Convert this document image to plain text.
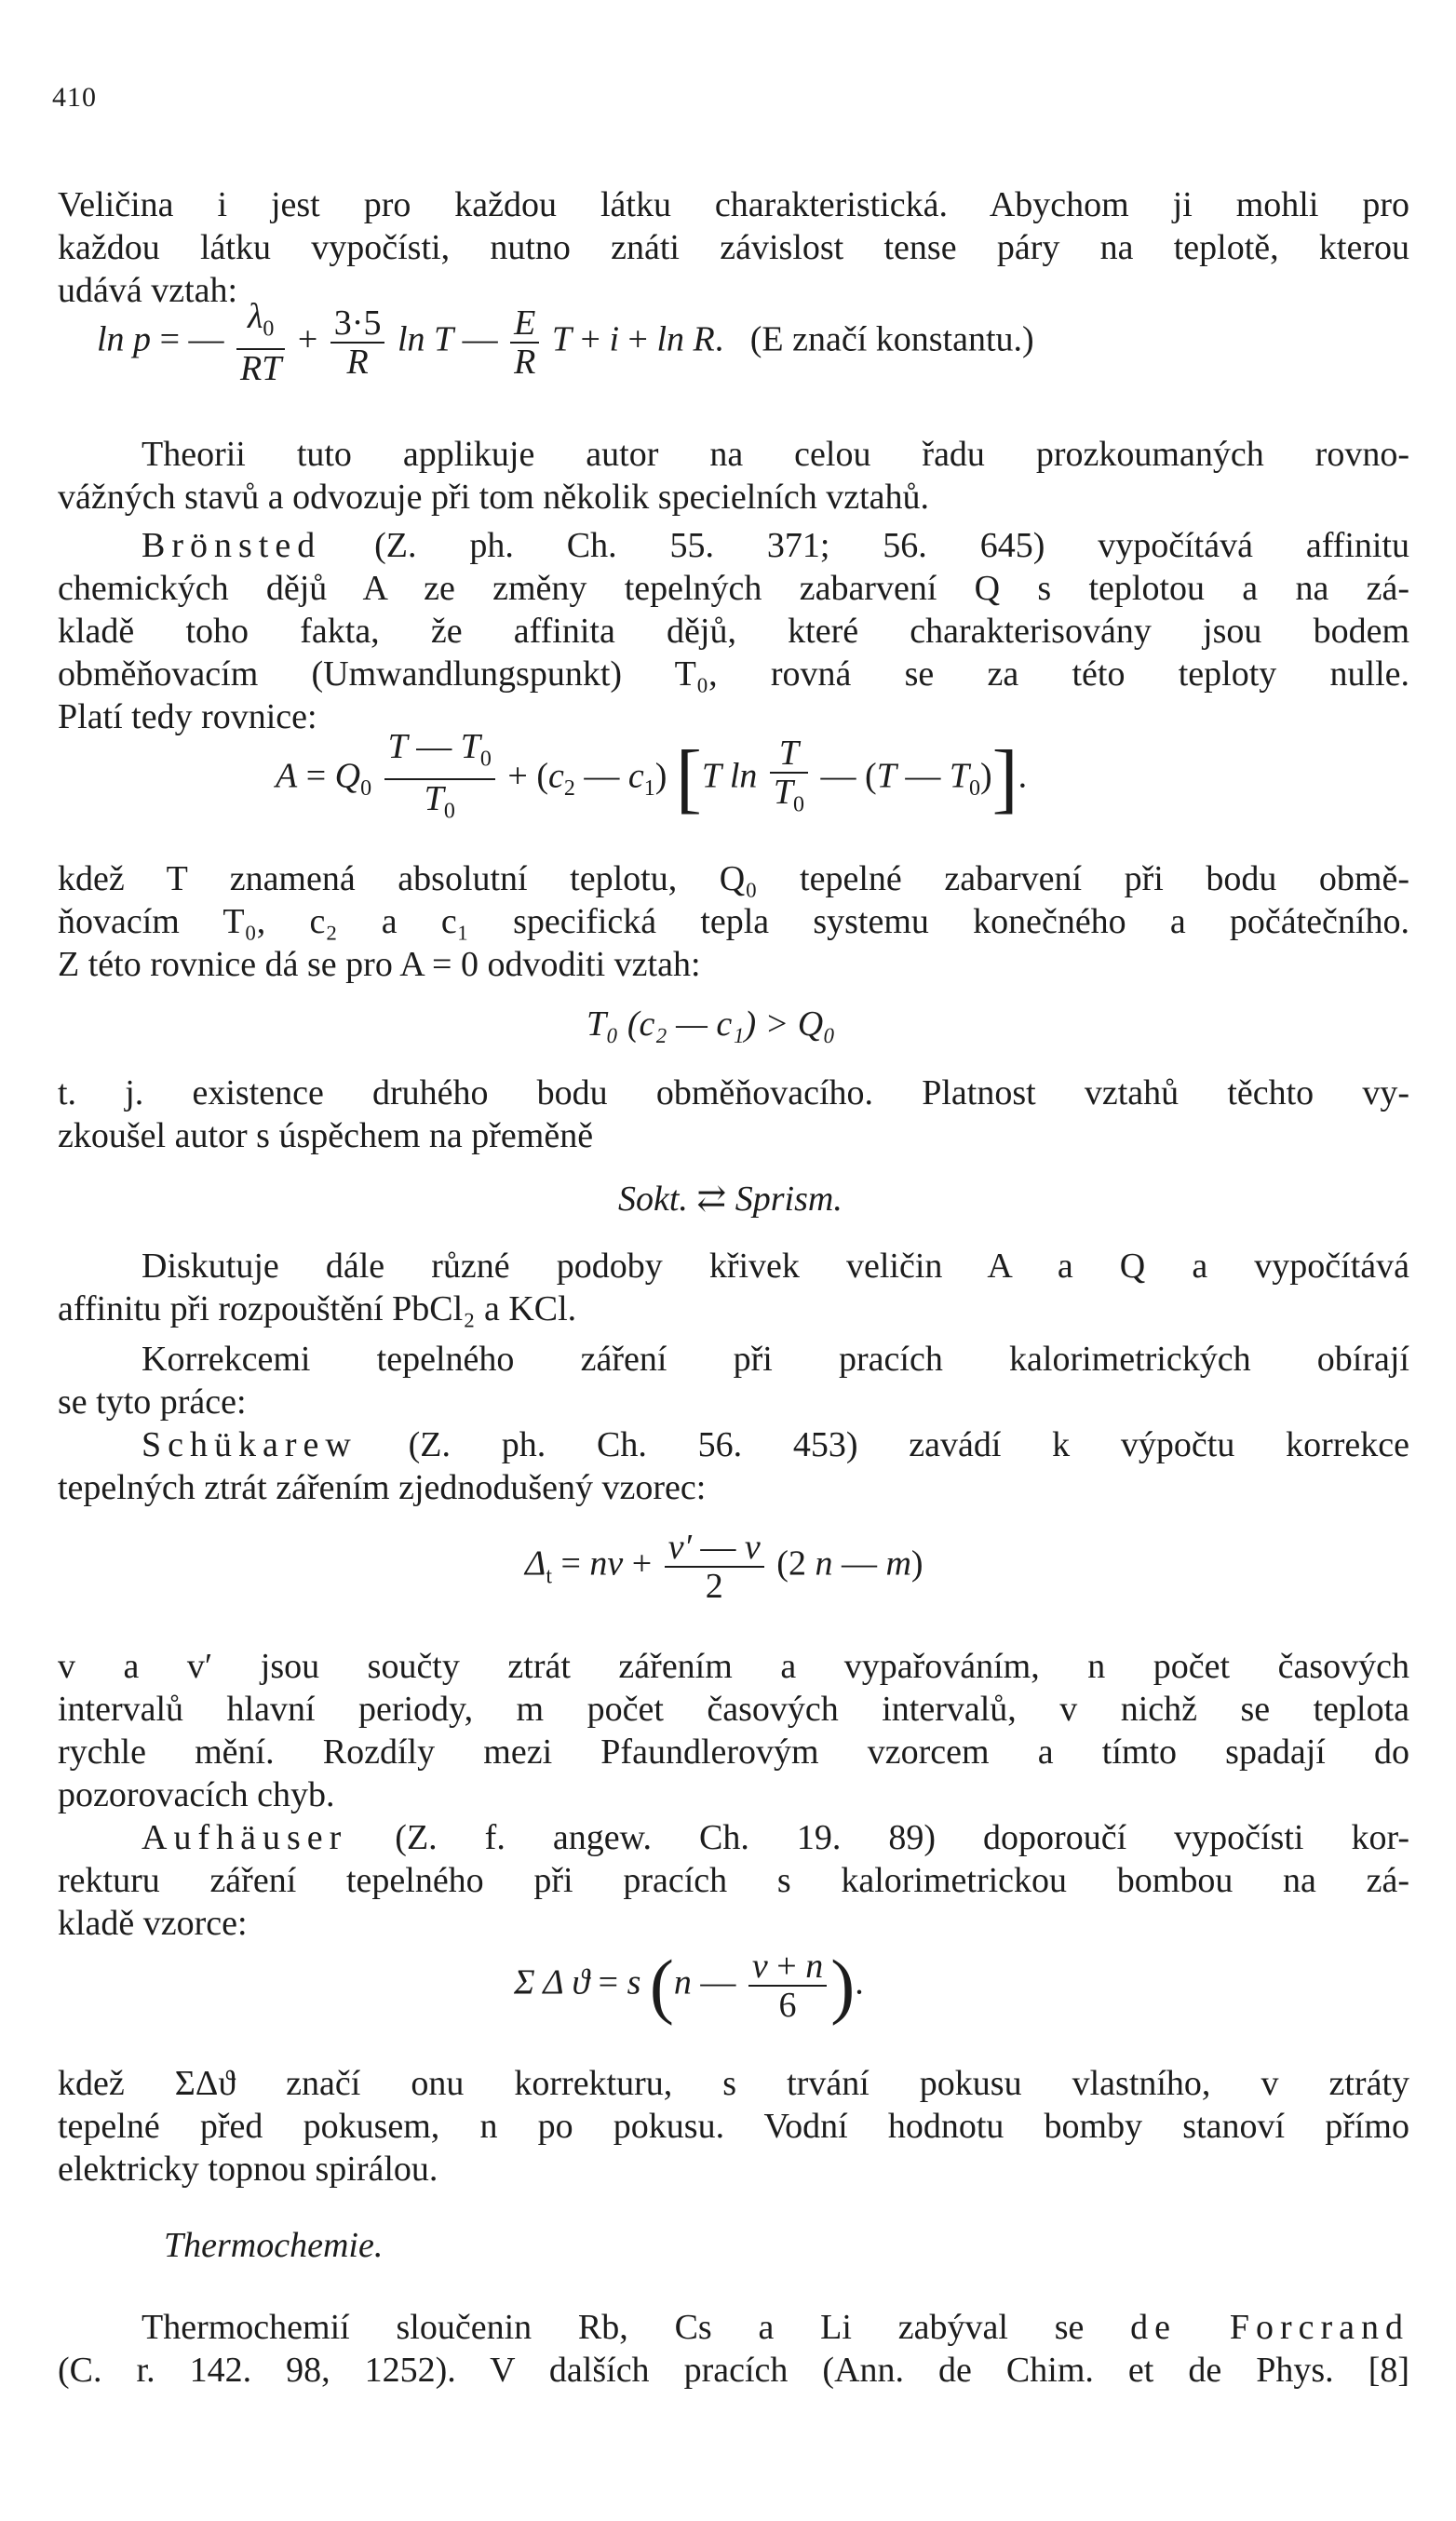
410
Veličina i jest pro každou látku charakteristická. Abychom ji mohli pro
každou látku vypočísti, nutno znáti závislost tense páry na teplotě, kterou
udává vztah:
ln p = — $\frac{\lambda_0}{RT} + \frac{3\cdot 5}{R}$ ln T — $\frac{E}{R}$ T + i + ln R.   (E značí konstantu.)
Theorii tuto applikuje autor na celou řadu prozkoumaných rovno-
vážných stavů a odvozuje při tom několik specielních vztahů.
Brönsted (Z. ph. Ch. 55. 371; 56. 645) vypočítává affinitu
chemických dějů A ze změny tepelných zabarvení Q s teplotou a na zá-
kladě toho fakta, že affinita dějů, které charakterisovány jsou bodem
obměňovacím (Umwandlungspunkt) T₀, rovná se za této teploty nulle.
Platí tedy rovnice:
$A = Q_0 \frac{T — T_0}{T_0} + (c_2$ — $c_1$) [T $\ln \frac{T}{T_0}$ — (T — $T_0$)].
kdež T znamená absolutní teplotu, Q₀ tepelné zabarvení při bodu obmě-
ňovacím T₀, c₂ a c₁ specifická tepla systemu konečného a počátečního.
Z této rovnice dá se pro A = 0 odvoditi vztah:
T₀ (c₂ — c₁) > Q₀
t. j. existence druhého bodu obměňovacího. Platnost vztahů těchto vy-
zkoušel autor s úspěchem na přeměně
Sokt. ⇄ Sprism.
Diskutuje dále různé podoby křivek veličin A a Q a vypočítává
affinitu při rozpouštění PbCl₂ a KCl.
Korrekcemi tepelného záření při pracích kalorimetrických obírají
se tyto práce:
Schükarew (Z. ph. Ch. 56. 453) zavádí k výpočtu korrekce
tepelných ztrát zářením zjednodušený vzorec:
$\Delta_t$ = nv + $\frac{v' — v}{2} (2$ n — m)
v a v′ jsou součty ztrát zářením a vypařováním, n počet časových
intervalů hlavní periody, m počet časových intervalů, v nichž se teplota
rychle mění. Rozdíly mezi Pfaundlerovým vzorcem a tímto spadají do
pozorovacích chyb.
Aufhäuser (Z. f. angew. Ch. 19. 89) doporoučí vypočísti kor-
rekturu záření tepelného při pracích s kalorimetrickou bombou na zá-
kladě vzorce:
Σ Δ ϑ = s (n — $\frac{v + n}{6}$ ).
kdež ΣΔϑ značí onu korrekturu, s trvání pokusu vlastního, v ztráty
tepelné před pokusem, n po pokusu. Vodní hodnotu bomby stanoví přímo
elektricky topnou spirálou.
Thermochemie.
Thermochemií sloučenin Rb, Cs a Li zabýval se de Forcrand
(C. r. 142. 98, 1252). V dalších pracích (Ann. de Chim. et de Phys. [8]
